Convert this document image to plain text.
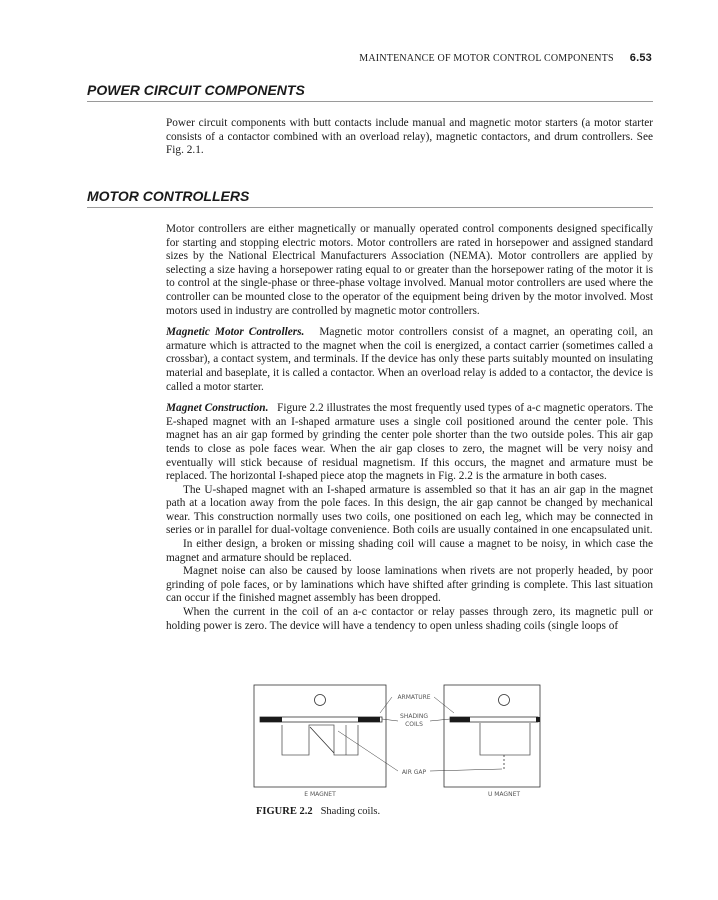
MAINTENANCE OF MOTOR CONTROL COMPONENTS 6.53
POWER CIRCUIT COMPONENTS

Power circuit components with butt contacts include manual and magnetic motor starters (a motor starter consists of a contactor combined with an overload relay), magnetic contactors, and drum controllers. See Fig. 2.1.

MOTOR CONTROLLERS

Motor controllers are either magnetically or manually operated control components designed specifically for starting and stopping electric motors. Motor controllers are rated in horsepower and assigned standard sizes by the National Electrical Manufacturers Association (NEMA). Motor controllers are applied by selecting a size having a horsepower rating equal to or greater than the horsepower rating of the motor it is to control at the single-phase or three-phase voltage involved. Manual motor controllers are used where the controller can be mounted close to the operator of the equipment being driven by the motor involved. Most motors used in industry are controlled by magnetic motor controllers.

Magnetic Motor Controllers. Magnetic motor controllers consist of a magnet, an operating coil, an armature which is attracted to the magnet when the coil is energized, a contact carrier (sometimes called a crossbar), a contact system, and terminals. If the device has only these parts suitably mounted on insulating material and baseplate, it is called a contactor. When an overload relay is added to a contactor, the device is called a motor starter.

Magnet Construction. Figure 2.2 illustrates the most frequently used types of a-c magnetic operators. The E-shaped magnet with an I-shaped armature uses a single coil positioned around the center pole. This magnet has an air gap formed by grinding the center pole shorter than the two outside poles. This air gap tends to close as pole faces wear. When the air gap closes to zero, the magnet will be very noisy and eventually will stick because of residual magnetism. If this occurs, the magnet and armature must be replaced. The horizontal I-shaped piece atop the magnets in Fig. 2.2 is the armature in both cases.

The U-shaped magnet with an I-shaped armature is assembled so that it has an air gap in the magnet path at a location away from the pole faces. In this design, the air gap cannot be changed by mechanical wear. This construction normally uses two coils, one positioned on each leg, which may be connected in series or in parallel for dual-voltage convenience. Both coils are usually contained in one encapsulated unit.

In either design, a broken or missing shading coil will cause a magnet to be noisy, in which case the magnet and armature should be replaced.

Magnet noise can also be caused by loose laminations when rivets are not properly headed, by poor grinding of pole faces, or by laminations which have shifted after grinding is complete. This last situation can occur if the finished magnet assembly has been dropped.

When the current in the coil of an a-c contactor or relay passes through zero, its magnetic pull or holding power is zero. The device will have a tendency to open unless shading coils (single loops of

E MAGNET	U MAGNET
ARMATURE
SHADING
COILS
AIR GAP
FIGURE 2.2 Shading coils.
